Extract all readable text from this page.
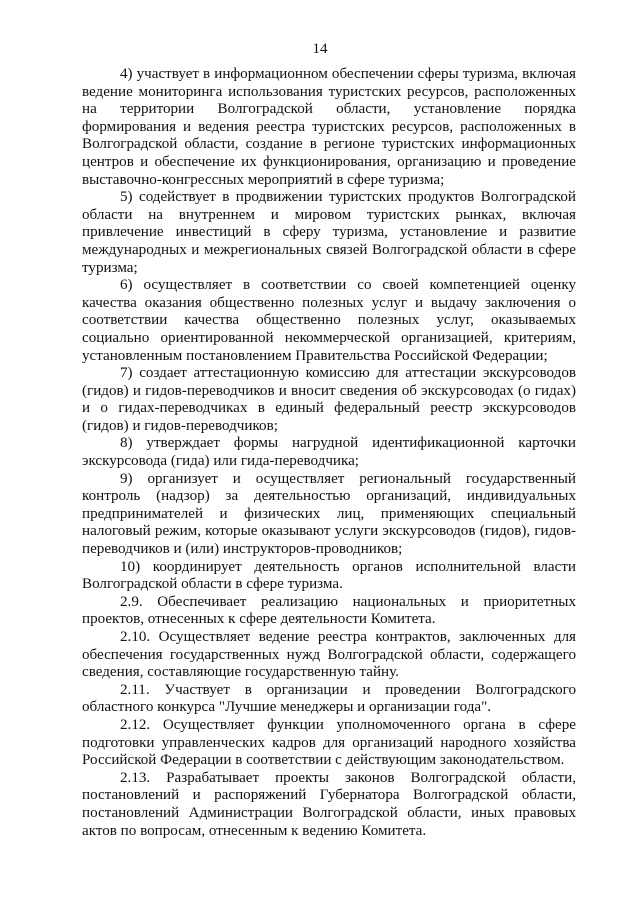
14

4) участвует в информационном обеспечении сферы туризма, включая ведение мониторинга использования туристских ресурсов, расположенных на территории Волгоградской области, установление порядка формирования и ведения реестра туристских ресурсов, расположенных в Волгоградской области, создание в регионе туристских информационных центров и обеспечение их функционирования, организацию и проведение выставочно-конгрессных мероприятий в сфере туризма;

5) содействует в продвижении туристских продуктов Волгоградской области на внутреннем и мировом туристских рынках, включая привлечение инвестиций в сферу туризма, установление и развитие международных и межрегиональных связей Волгоградской области в сфере туризма;

6) осуществляет в соответствии со своей компетенцией оценку качества оказания общественно полезных услуг и выдачу заключения о соответствии качества общественно полезных услуг, оказываемых социально ориентированной некоммерческой организацией, критериям, установленным постановлением Правительства Российской Федерации;

7) создает аттестационную комиссию для аттестации экскурсоводов (гидов) и гидов-переводчиков и вносит сведения об экскурсоводах (о гидах) и о гидах-переводчиках в единый федеральный реестр экскурсоводов (гидов) и гидов-переводчиков;

8) утверждает формы нагрудной идентификационной карточки экскурсовода (гида) или гида-переводчика;

9) организует и осуществляет региональный государственный контроль (надзор) за деятельностью организаций, индивидуальных предпринимателей и физических лиц, применяющих специальный налоговый режим, которые оказывают услуги экскурсоводов (гидов), гидов-переводчиков и (или) инструкторов-проводников;

10) координирует деятельность органов исполнительной власти Волгоградской области в сфере туризма.

2.9. Обеспечивает реализацию национальных и приоритетных проектов, отнесенных к сфере деятельности Комитета.

2.10. Осуществляет ведение реестра контрактов, заключенных для обеспечения государственных нужд Волгоградской области, содержащего сведения, составляющие государственную тайну.

2.11. Участвует в организации и проведении Волгоградского областного конкурса "Лучшие менеджеры и организации года".

2.12. Осуществляет функции уполномоченного органа в сфере подготовки управленческих кадров для организаций народного хозяйства Российской Федерации в соответствии с действующим законодательством.

2.13. Разрабатывает проекты законов Волгоградской области, постановлений и распоряжений Губернатора Волгоградской области, постановлений Администрации Волгоградской области, иных правовых актов по вопросам, отнесенным к ведению Комитета.
